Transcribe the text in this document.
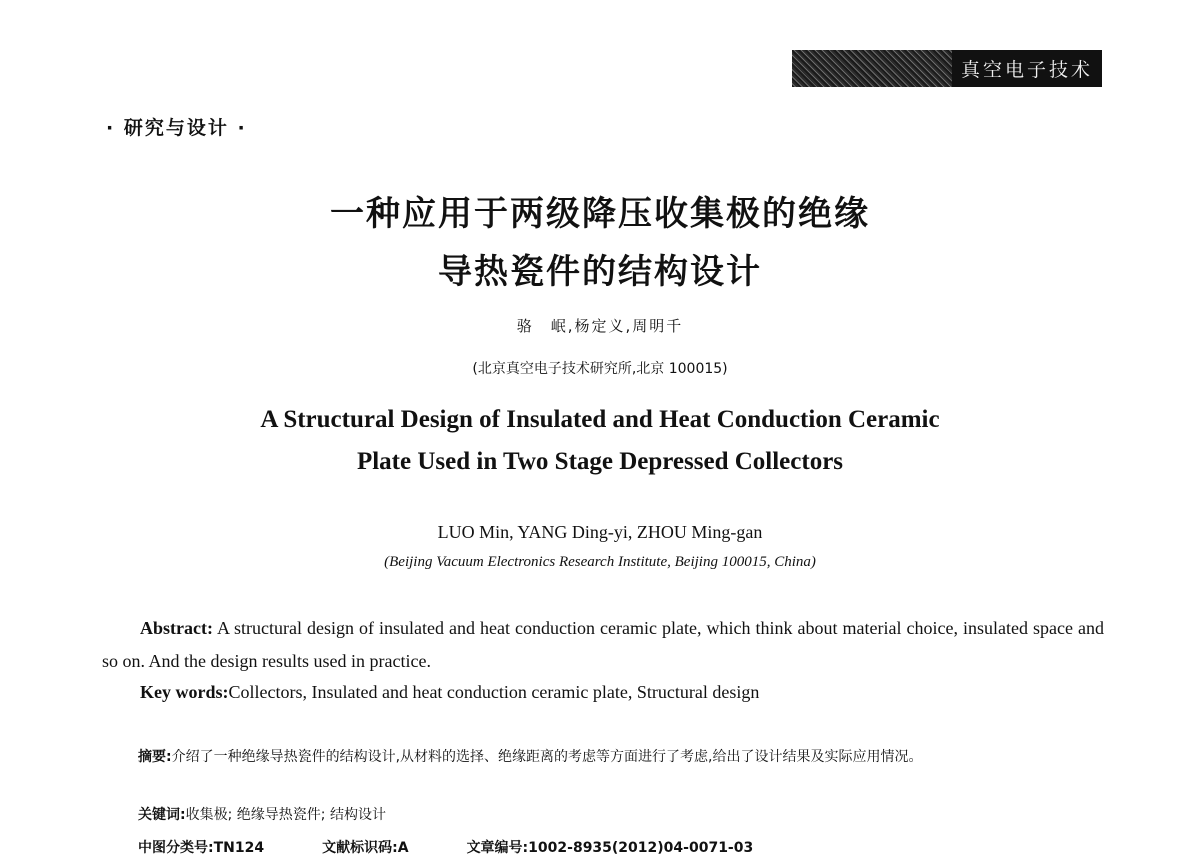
真空电子技术
· 研究与设计 ·
一种应用于两级降压收集极的绝缘
导热瓷件的结构设计
骆　岷,杨定义,周明千
(北京真空电子技术研究所,北京 100015)
A Structural Design of Insulated and Heat Conduction Ceramic
Plate Used in Two Stage Depressed Collectors
LUO Min, YANG Ding-yi, ZHOU Ming-gan
(Beijing Vacuum Electronics Research Institute, Beijing 100015, China)
Abstract: A structural design of insulated and heat conduction ceramic plate, which think about material choice, insulated space and so on. And the design results used in practice.
Key words:Collectors, Insulated and heat conduction ceramic plate, Structural design
摘要:介绍了一种绝缘导热瓷件的结构设计,从材料的选择、绝缘距离的考虑等方面进行了考虑,给出了设计结果及实际应用情况。
关键词:收集极; 绝缘导热瓷件; 结构设计
中图分类号:TN124	文献标识码:A	文章编号:1002-8935(2012)04-0071-03
